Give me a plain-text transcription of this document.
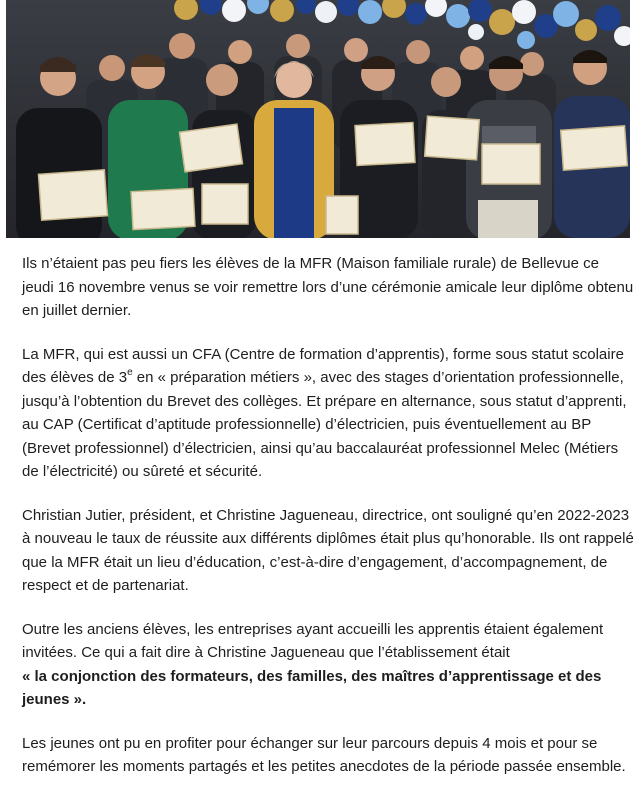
Ils n’étaient pas peu fiers les élèves de la MFR (Maison familiale rurale) de Bellevue ce jeudi 16 novembre venus se voir remettre lors d’une cérémonie amicale leur diplôme obtenu en juillet dernier.

La MFR, qui est aussi un CFA (Centre de formation d’apprentis), forme sous statut scolaire des élèves de 3e en « préparation métiers », avec des stages d’orientation professionnelle, jusqu’à l’obtention du Brevet des collèges. Et prépare en alternance, sous statut d’apprenti, au CAP (Certificat d’aptitude professionnelle) d’électricien, puis éventuellement au BP (Brevet professionnel) d’électricien, ainsi qu’au baccalauréat professionnel Melec (Métiers de l’électricité) ou sûreté et sécurité.

Christian Jutier, président, et Christine Jagueneau, directrice, ont souligné qu’en 2022-2023 à nouveau le taux de réussite aux différents diplômes était plus qu’honorable. Ils ont rappelé que la MFR était un lieu d’éducation, c’est-à-dire d’engagement, d’accompagnement, de respect et de partenariat.

Outre les anciens élèves, les entreprises ayant accueilli les apprentis étaient également invitées. Ce qui a fait dire à Christine Jagueneau que l’établissement était
« la conjonction des formateurs, des familles, des maîtres d’apprentissage et des jeunes ».

Les jeunes ont pu en profiter pour échanger sur leur parcours depuis 4 mois et pour se remémorer les moments partagés et les petites anecdotes de la période passée ensemble.
